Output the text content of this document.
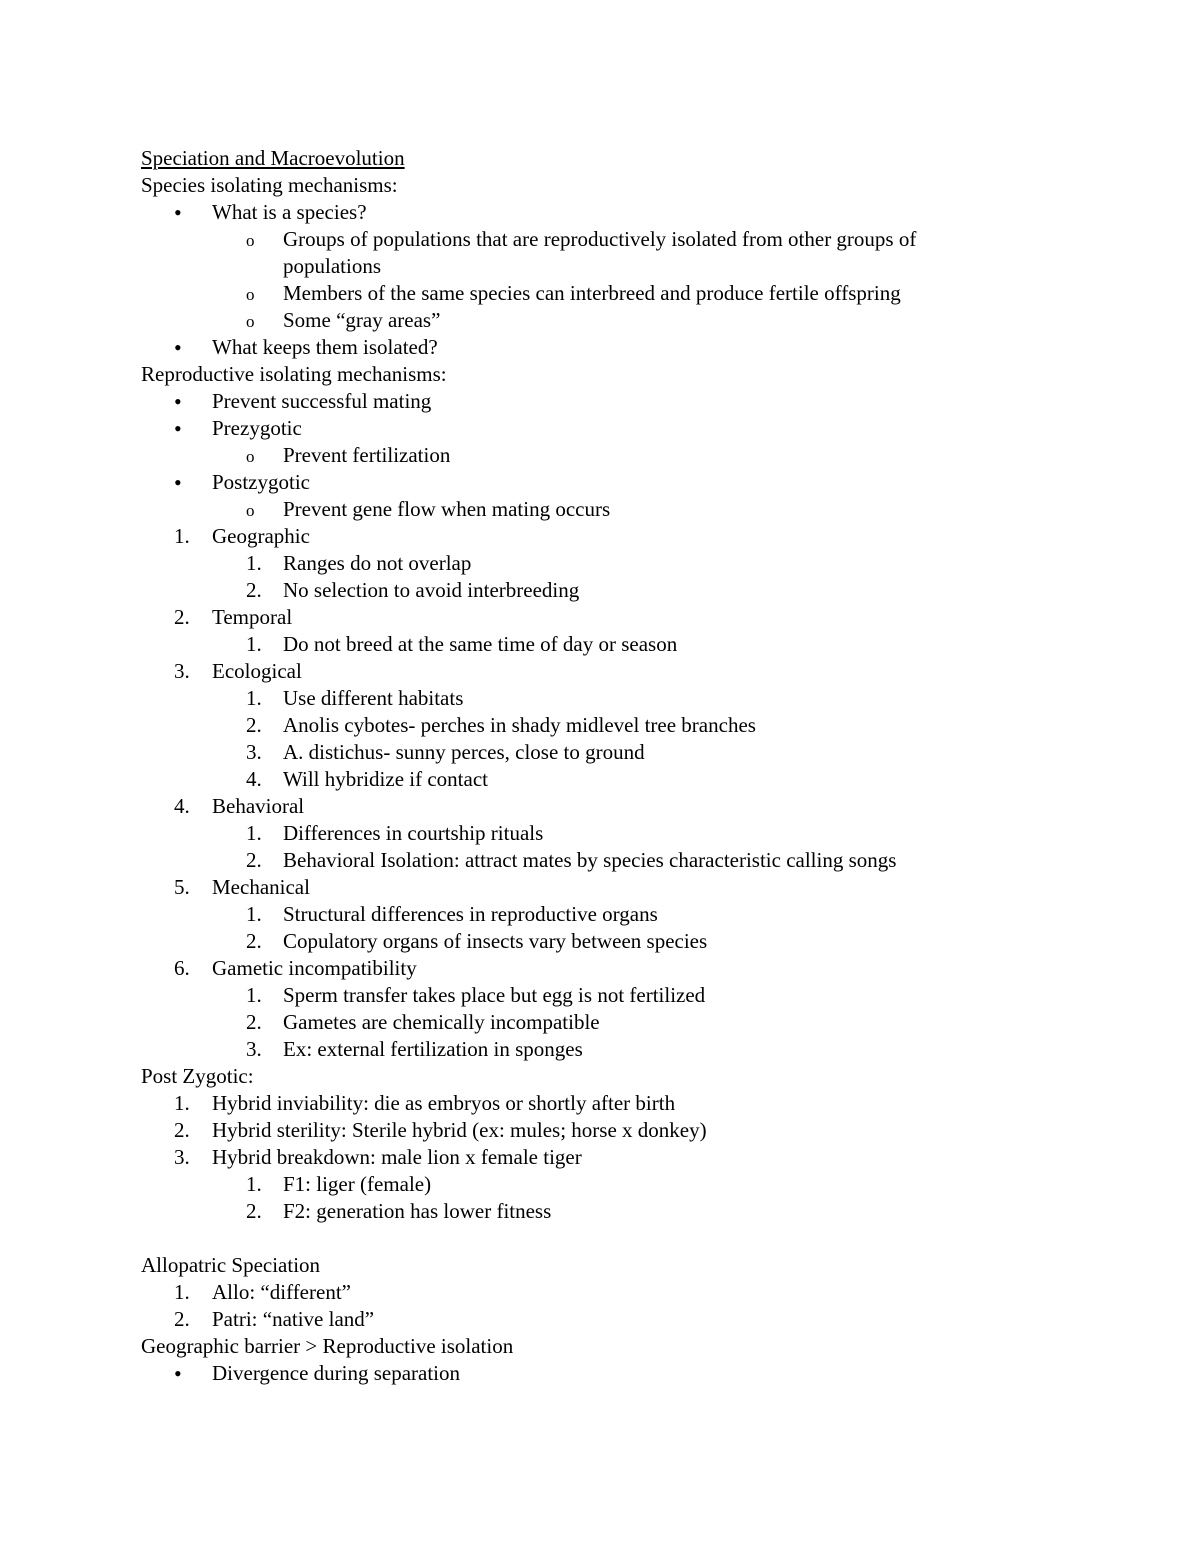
Speciation and Macroevolution
Species isolating mechanisms:
•
What is a species?
o
Groups of populations that are reproductively isolated from other groups of
populations
o
Members of the same species can interbreed and produce fertile offspring
o
Some “gray areas”
•
What keeps them isolated?
Reproductive isolating mechanisms:
•
Prevent successful mating
•
Prezygotic
o
Prevent fertilization
•
Postzygotic
o
Prevent gene flow when mating occurs
1.	Geographic
1.	Ranges do not overlap
2.	No selection to avoid interbreeding
2.	Temporal
1.	Do not breed at the same time of day or season
3.	Ecological
1.	Use different habitats
2.	Anolis cybotes- perches in shady midlevel tree branches
3.	A. distichus- sunny perces, close to ground
4.	Will hybridize if contact
4.	Behavioral
1.	Differences in courtship rituals
2.	Behavioral Isolation: attract mates by species characteristic calling songs
5.	Mechanical
1.	Structural differences in reproductive organs
2.	Copulatory organs of insects vary between species
6.	Gametic incompatibility
1.	Sperm transfer takes place but egg is not fertilized
2.	Gametes are chemically incompatible
3.	Ex: external fertilization in sponges
Post Zygotic:
1.	Hybrid inviability: die as embryos or shortly after birth
2.	Hybrid sterility: Sterile hybrid (ex: mules; horse x donkey)
3.	Hybrid breakdown: male lion x female tiger
1.	F1: liger (female)
2.	F2: generation has lower fitness
Allopatric Speciation
1.	Allo: “different”
2.	Patri: “native land”
Geographic barrier > Reproductive isolation
•
Divergence during separation
